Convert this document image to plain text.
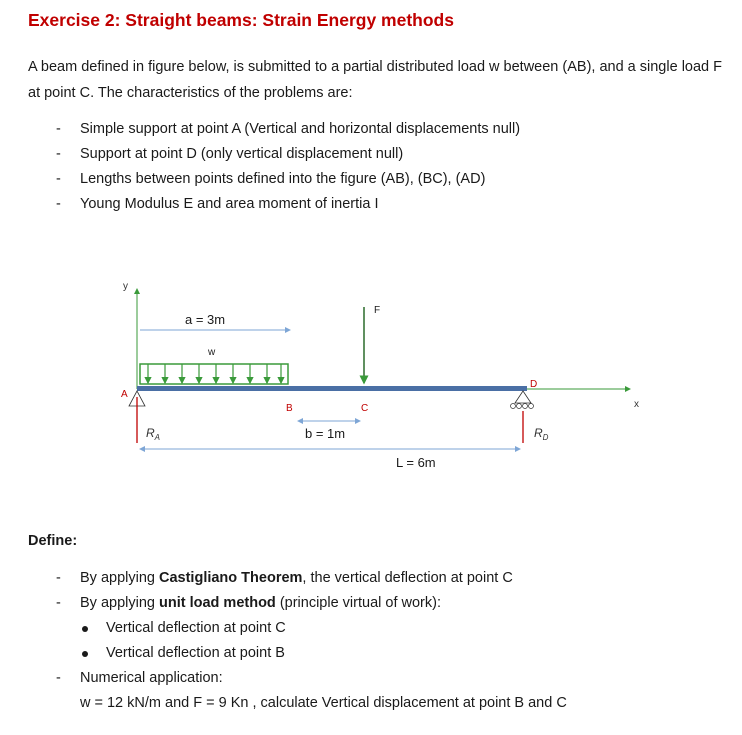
Exercise 2: Straight beams: Strain Energy methods
A beam defined in figure below, is submitted to a partial distributed load w between (AB), and a single load F at point C. The characteristics of the problems are:
- Simple support at point A (Vertical and horizontal displacements null)
- Support at point D (only vertical displacement null)
- Lengths between points defined into the figure (AB), (BC), (AD)
- Young Modulus E and area moment of inertia I
y
x
a = 3m
w
F
A
$R_A$
B	C
b = 1m
D
$R_D$
L = 6m
Define:
- By applying Castigliano Theorem, the vertical deflection at point C
- By applying unit load method (principle virtual of work):
Vertical deflection at point C
Vertical deflection at point B
- Numerical application:
w = 12 kN/m and F = 9 Kn , calculate Vertical displacement at point B and C
